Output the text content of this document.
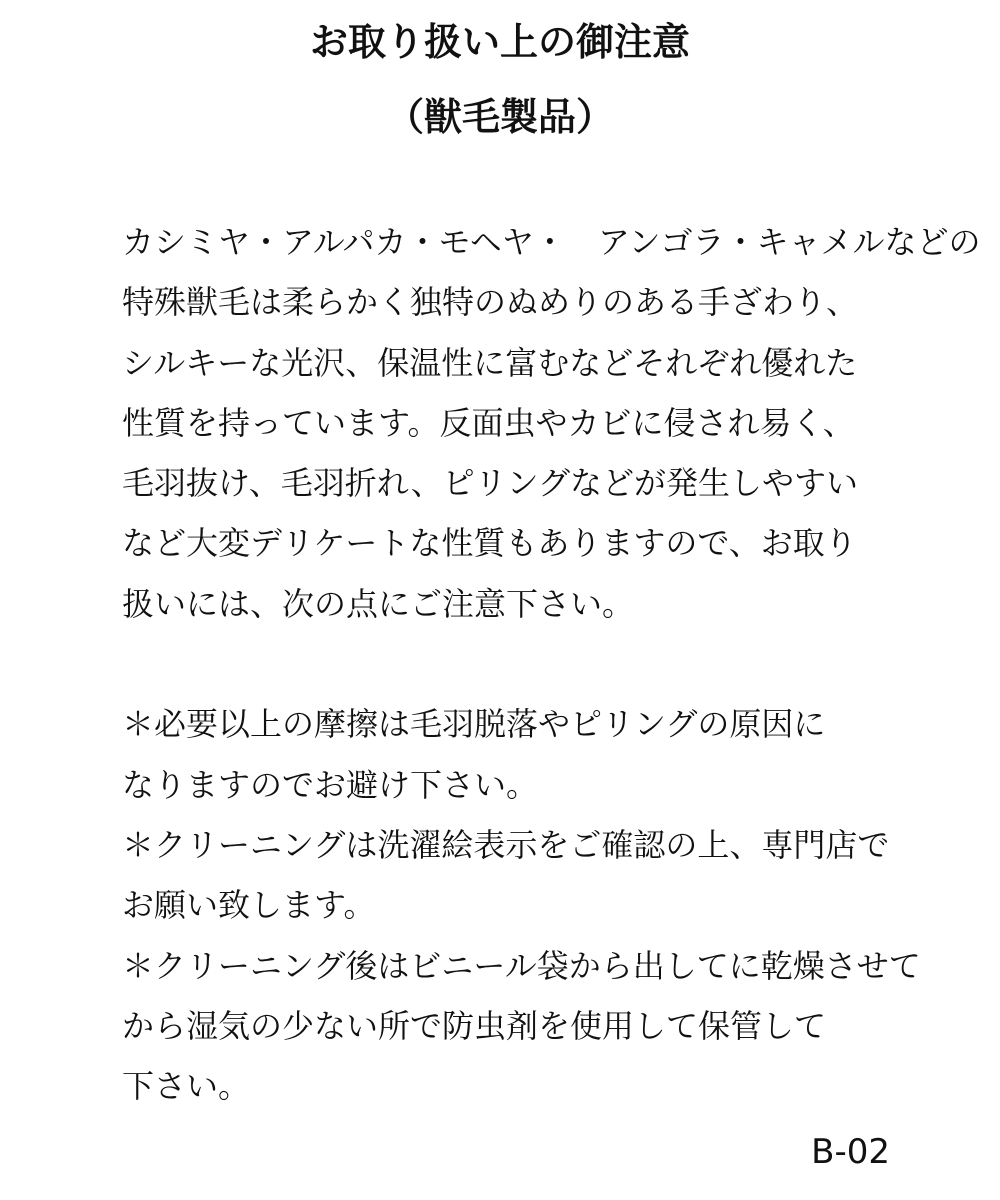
お取り扱い上の御注意
（獣毛製品）
カシミヤ・アルパカ・モヘヤ・　アンゴラ・キャメルなどの
特殊獣毛は柔らかく独特のぬめりのある手ざわり、
シルキーな光沢、保温性に富むなどそれぞれ優れた
性質を持っています。反面虫やカビに侵され易く、
毛羽抜け、毛羽折れ、ピリングなどが発生しやすい
など大変デリケートな性質もありますので、お取り
扱いには、次の点にご注意下さい。
＊必要以上の摩擦は毛羽脱落やピリングの原因に
なりますのでお避け下さい。
＊クリーニングは洗濯絵表示をご確認の上、専門店で
お願い致します。
＊クリーニング後はビニール袋から出してに乾燥させて
から湿気の少ない所で防虫剤を使用して保管して
下さい。
B-02
